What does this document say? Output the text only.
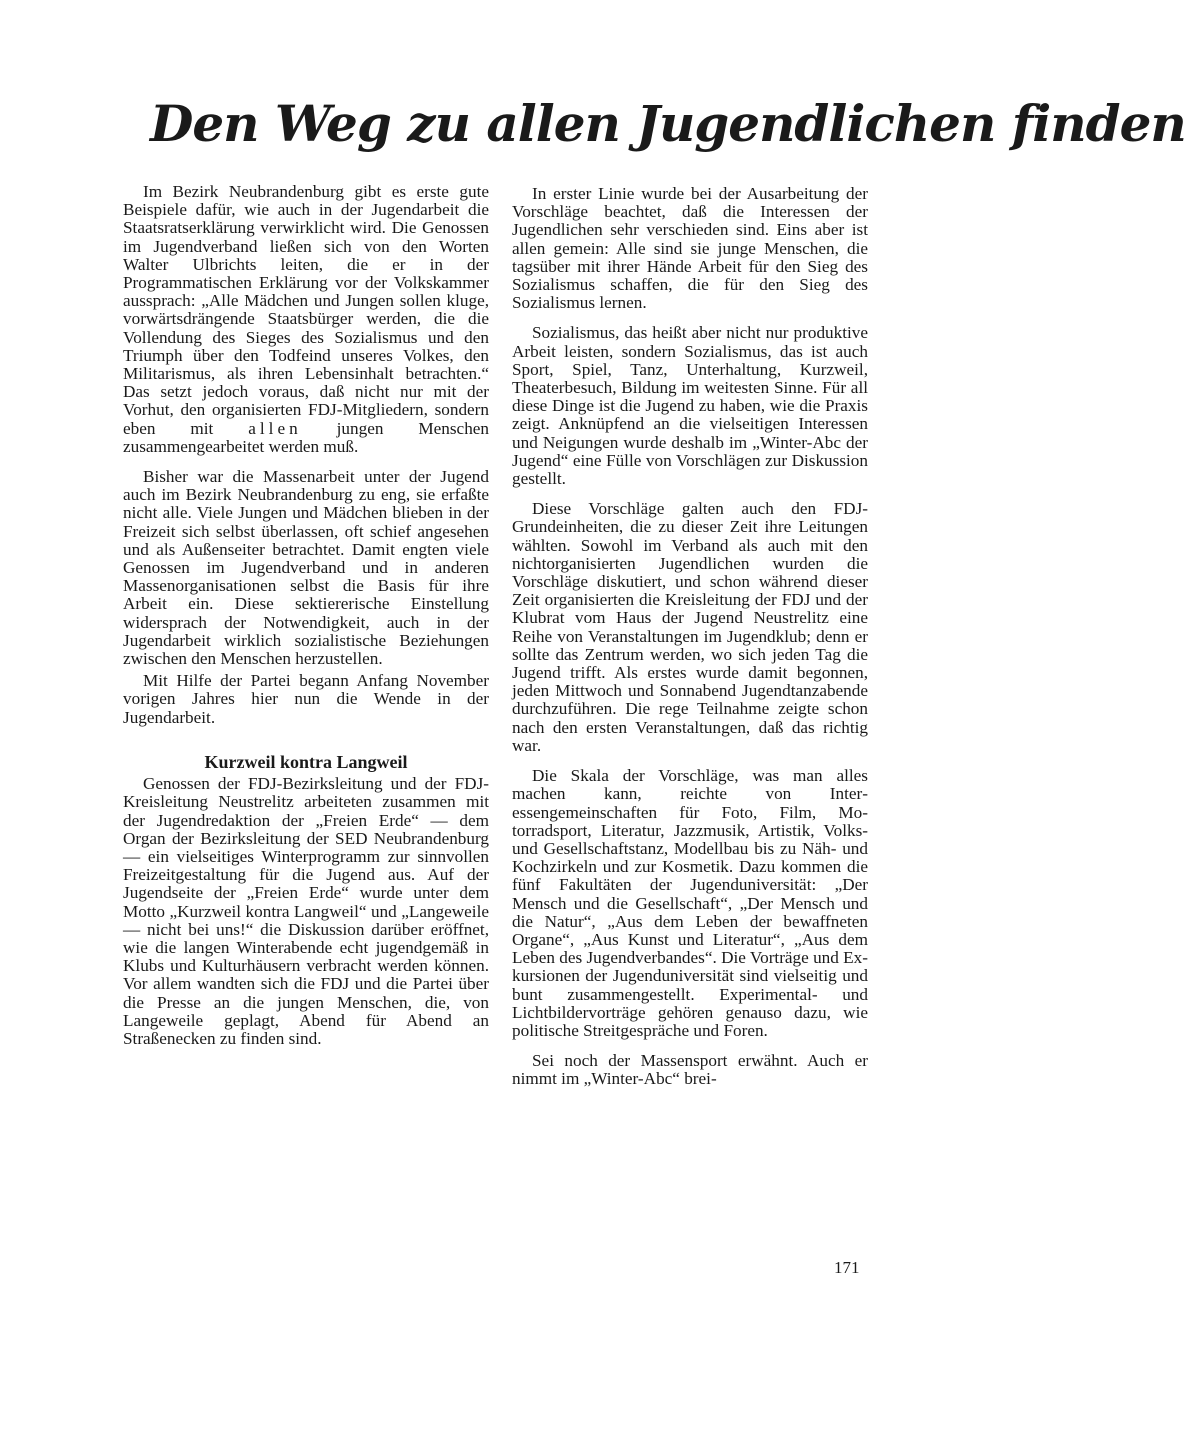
Den Weg zu allen Jugendlichen finden

Im Bezirk Neubrandenburg gibt es erste gute Beispiele dafür, wie auch in der Jugendarbeit die Staatsratserklärung verwirklicht wird. Die Genossen im Jugendverband ließen sich von den Worten Walter Ulbrichts leiten, die er in der Programmatischen Erklärung vor der Volkskammer aussprach: „Alle Mädchen und Jungen sollen kluge, vorwärtsdrängende Staatsbürger werden, die die Vollendung des Sieges des Sozialismus und den Triumph über den Todfeind unseres Volkes, den Militarismus, als ihren Lebensinhalt betrachten.“ Das setzt jedoch voraus, daß nicht nur mit der Vorhut, den organisierten FDJ-Mitgliedern, sondern eben mit allen jungen Menschen zusammengearbeitet werden muß.

Bisher war die Massenarbeit unter der Jugend auch im Bezirk Neubrandenburg zu eng, sie erfaßte nicht alle. Viele Jungen und Mädchen blieben in der Freizeit sich selbst überlassen, oft schief angesehen und als Außenseiter betrachtet. Damit engten viele Genossen im Jugendverband und in anderen Massenorganisationen selbst die Basis für ihre Arbeit ein. Diese sektiererische Einstellung widersprach der Notwendigkeit, auch in der Jugendarbeit wirklich sozialistische Beziehungen zwischen den Menschen herzustellen.

Mit Hilfe der Partei begann Anfang November vorigen Jahres hier nun die Wende in der Jugendarbeit.

Kurzweil kontra Langweil

Genossen der FDJ-Bezirksleitung und der FDJ-Kreisleitung Neustrelitz arbeiteten zusammen mit der Jugendredaktion der „Freien Erde“ — dem Organ der Bezirksleitung der SED Neubrandenburg — ein vielseitiges Winterprogramm zur sinnvollen Freizeitgestaltung für die Jugend aus. Auf der Jugendseite der „Freien Erde“ wurde unter dem Motto „Kurzweil kontra Langweil“ und „Langeweile — nicht bei uns!“ die Diskussion darüber eröffnet, wie die langen Winterabende echt jugendgemäß in Klubs und Kulturhäusern verbracht werden können. Vor allem wandten sich die FDJ und die Partei über die Presse an die jungen Menschen, die, von Langeweile geplagt, Abend für Abend an Straßenecken zu finden sind.

In erster Linie wurde bei der Ausarbeitung der Vorschläge beachtet, daß die Interessen der Jugendlichen sehr verschieden sind. Eins aber ist allen gemein: Alle sind sie junge Menschen, die tagsüber mit ihrer Hände Arbeit für den Sieg des Sozialismus schaffen, die für den Sieg des Sozialismus lernen.

Sozialismus, das heißt aber nicht nur produktive Arbeit leisten, sondern Sozialismus, das ist auch Sport, Spiel, Tanz, Unterhaltung, Kurzweil, Theaterbesuch, Bildung im weitesten Sinne. Für all diese Dinge ist die Jugend zu haben, wie die Praxis zeigt. Anknüpfend an die vielseitigen Interessen und Neigungen wurde deshalb im „Winter-Abc der Jugend“ eine Fülle von Vorschlägen zur Diskussion gestellt.

Diese Vorschläge galten auch den FDJ-Grundeinheiten, die zu dieser Zeit ihre Leitungen wählten. Sowohl im Verband als auch mit den nichtorganisierten Jugendlichen wurden die Vorschläge diskutiert, und schon während dieser Zeit organisierten die Kreisleitung der FDJ und der Klubrat vom Haus der Jugend Neustrelitz eine Reihe von Veranstaltungen im Jugendklub; denn er sollte das Zentrum werden, wo sich jeden Tag die Jugend trifft. Als erstes wurde damit begonnen, jeden Mittwoch und Sonnabend Jugendtanzabende durchzuführen. Die rege Teilnahme zeigte schon nach den ersten Veranstaltungen, daß das richtig war.

Die Skala der Vorschläge, was man alles machen kann, reichte von Interessengemeinschaften für Foto, Film, Motorradsport, Literatur, Jazzmusik, Artistik, Volks- und Gesellschaftstanz, Modellbau bis zu Näh- und Kochzirkeln und zur Kosmetik. Dazu kommen die fünf Fakultäten der Jugenduniversität: „Der Mensch und die Gesellschaft“, „Der Mensch und die Natur“, „Aus dem Leben der bewaffneten Organe“, „Aus Kunst und Literatur“, „Aus dem Leben des Jugendverbandes“. Die Vorträge und Exkursionen der Jugenduniversität sind vielseitig und bunt zusammengestellt. Experimental- und Lichtbildervorträge gehören genauso dazu, wie politische Streitgespräche und Foren.

Sei noch der Massensport erwähnt. Auch er nimmt im „Winter-Abc“ brei-

171
